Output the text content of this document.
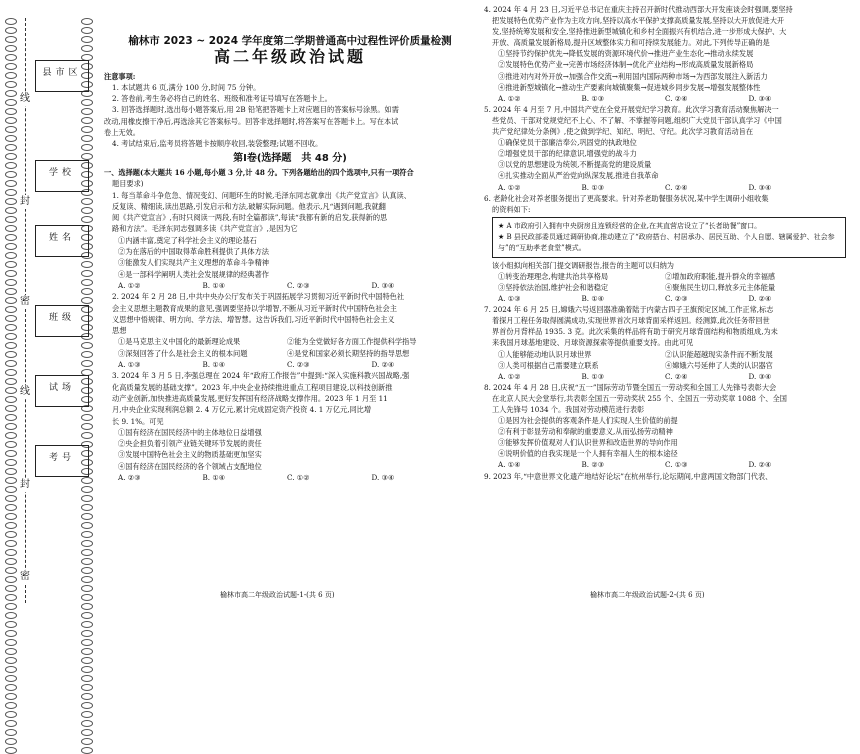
线
封
密
线
封
密
县市区
学校
姓名
班级
试场
考号
榆林市 2023 ~ 2024 学年度第二学期普通高中过程性评价质量检测
高二年级政治试题

注意事项:

1. 本试题共 6 页,满分 100 分,时间 75 分钟。

2. 答卷前,考生务必将自己的姓名、班级和准考证号填写在答题卡上。

3. 回答选择题时,选出每小题答案后,用 2B 铅笔把答题卡上对应题目的答案标号涂黑。如需

改动,用橡皮擦干净后,再选涂其它答案标号。回答非选择题时,将答案写在答题卡上。写在本试

卷上无效。

4. 考试结束后,监考员将答题卡按顺序收回,装袋整理;试题不回收。

第Ⅰ卷(选择题　共 48 分)

一、选择题(本大题共 16 小题,每小题 3 分,计 48 分。下列各题给出的四个选项中,只有一项符合

题目要求)

1. 每当革命斗争危急、情况变幻、问题环生的时候,毛泽东同志就拿出《共产党宣言》认真读、

反复读、精细读,读出思路,引发启示和方法,破解实际问题。他表示,凡“遇到问题,我就翻

阅《共产党宣言》,有时只阅读一两段,有时全篇都读”,每读“我都有新的启发,获得新的思

路和方法”。毛泽东同志强调多读《共产党宣言》,是因为它

①内涵丰富,奠定了科学社会主义的理论基石

②为在落后的中国取得革命胜利提供了具体方法

③能激发人们实现共产主义理想的革命斗争精神

④是一部科学阐明人类社会发展规律的经典著作

A. ①②	B. ①④	C. ②③	D. ③④

2. 2024 年 2 月 28 日,中共中央办公厅发布关于巩固拓展学习贯彻习近平新时代中国特色社

会主义思想主题教育成果的意见,强调要坚持以学增智,不断从习近平新时代中国特色社会主

义思想中悟规律、明方向、学方法、增智慧。这告诉我们,习近平新时代中国特色社会主义

思想

①是马克思主义中国化的最新理论成果	②能为全党做好各方面工作提供科学指导
③深刻回答了什么是社会主义的根本问题	④是党和国家必须长期坚持的指导思想
A. ①③	B. ①④	C. ②③	D. ②④

3. 2024 年 3 月 5 日,李强总理在 2024 年“政府工作报告”中提到:“深入实施科教兴国战略,强

化高质量发展的基础支撑”。2023 年,中央企业持续推进重点工程项目建设,以科技创新推

动产业创新,加快推进高质量发展,更好发挥国有经济战略支撑作用。2023 年 1 月至 11

月,中央企业实现利润总额 2. 4 万亿元,累计完成固定资产投资 4. 1 万亿元,同比增

长 9. 1%。可见

①国有经济在国民经济中的主体地位日益增强

②央企担负着引领产业链关键环节发展的责任

③发展中国特色社会主义的物质基础更加坚实

④国有经济在国民经济的各个领域占支配地位

A. ②③	B. ①④	C. ①②	D. ③④
榆林市高二年级政治试题-1-(共 6 页)

4. 2024 年 4 月 23 日,习近平总书记在重庆主持召开新时代推动西部大开发座谈会时强调,要坚持

把发展特色优势产业作为主攻方向,坚持以高水平保护支撑高质量发展,坚持以大开放促进大开

发,坚持统筹发展和安全,坚持推进新型城镇化和乡村全面振兴有机结合,进一步形成大保护、大

开放、高质量发展新格局,提升区域整体实力和可持续发展能力。对此,下列传导正确的是

①坚持节约保护优先→降低发展的资源环境代价→推进产业生态化→推动永续发展

②发展特色优势产业→完善市场经济体制→优化产业结构→形成高质量发展新格局

③推进对内对外开放→加强合作交流→利用国内国际两种市场→为西部发展注入新活力

④推进新型城镇化→推动生产要素向城镇聚集→促进城乡同步发展→增强发展整体性

A. ①②	B. ①③	C. ②④	D. ③④

5. 2024 年 4 月至 7 月,中国共产党在全党开展党纪学习教育。此次学习教育活动聚焦解决一

些党员、干部对党规党纪不上心、不了解、不掌握等问题,组织广大党员干部认真学习《中国

共产党纪律处分条例》,使之做到学纪、知纪、明纪、守纪。此次学习教育活动旨在

①确保党员干部廉洁奉公,巩固党的执政地位

②增强党员干部的纪律意识,增强党的战斗力

③以党的思想建设为统领,不断提高党的建设质量

④扎实推动全面从严治党向纵深发展,推进自我革命

A. ①②	B. ①③	C. ②④	D. ③④

6. 老龄化社会对养老服务提出了更高要求。针对养老助餐服务状况,某中学生调研小组收集

的资料如下:

★ A 市政府引入拥有中央厨房且连锁经营的企业,在其直营店设立了“长者助餐”窗口。

★ B 县民政部委员通过调研协商,推动建立了“政府搭台、村居承办、居民互助、个人自愿、辖属爱护、社会参与”的“互助孝老食堂”模式。

该小组拟向相关部门提交调研报告,报告的主题可以归纳为

①转变治理理念,构建共治共享格局	②增加政府职能,提升群众的幸福感
③坚持依法治国,维护社会和谐稳定	④聚焦民生切口,释放多元主体能量
A. ①③	B. ①④	C. ②③	D. ②④

7. 2024 年 6 月 25 日,嫦娥六号返回器准确着陆于内蒙古四子王旗预定区域,工作正常,标志

着探月工程任务取得圆满成功,实现世界首次月球背面采样返回。经测算,此次任务带回世

界首份月背样品 1935. 3 克。此次采集的样品将有助于研究月球背面结构和物质组成,为未

来我国月球基地建设、月球资源探索等提供重要支持。由此可见

①人能够能动地认识月球世界	②认识能超越现实条件而不断发展
③人类可根据自己需要建立联系	④嫦娥六号延伸了人类的认识器官
A. ①②	B. ①③	C. ②④	D. ③④

8. 2024 年 4 月 28 日,庆祝“五一”国际劳动节暨全国五一劳动奖和全国工人先锋号表彰大会

在北京人民大会堂举行,共表彰全国五一劳动奖状 255 个、全国五一劳动奖章 1088 个、全国

工人先锋号 1034 个。我国对劳动模范进行表彰

①是因为社会提供的客观条件是人们实现人生价值的前提

②有利于彰显劳动和奉献的重要意义,从而弘扬劳动精神

③能够发挥价值观对人们认识世界和改造世界的导向作用

④说明价值的自我实现是一个人拥有幸福人生的根本途径

A. ①④	B. ②③	C. ①③	D. ②④

9. 2023 年,“中意世界文化遗产地结好论坛”在杭州举行,论坛期间,中意两国文物部门代表、

榆林市高二年级政治试题-2-(共 6 页)
